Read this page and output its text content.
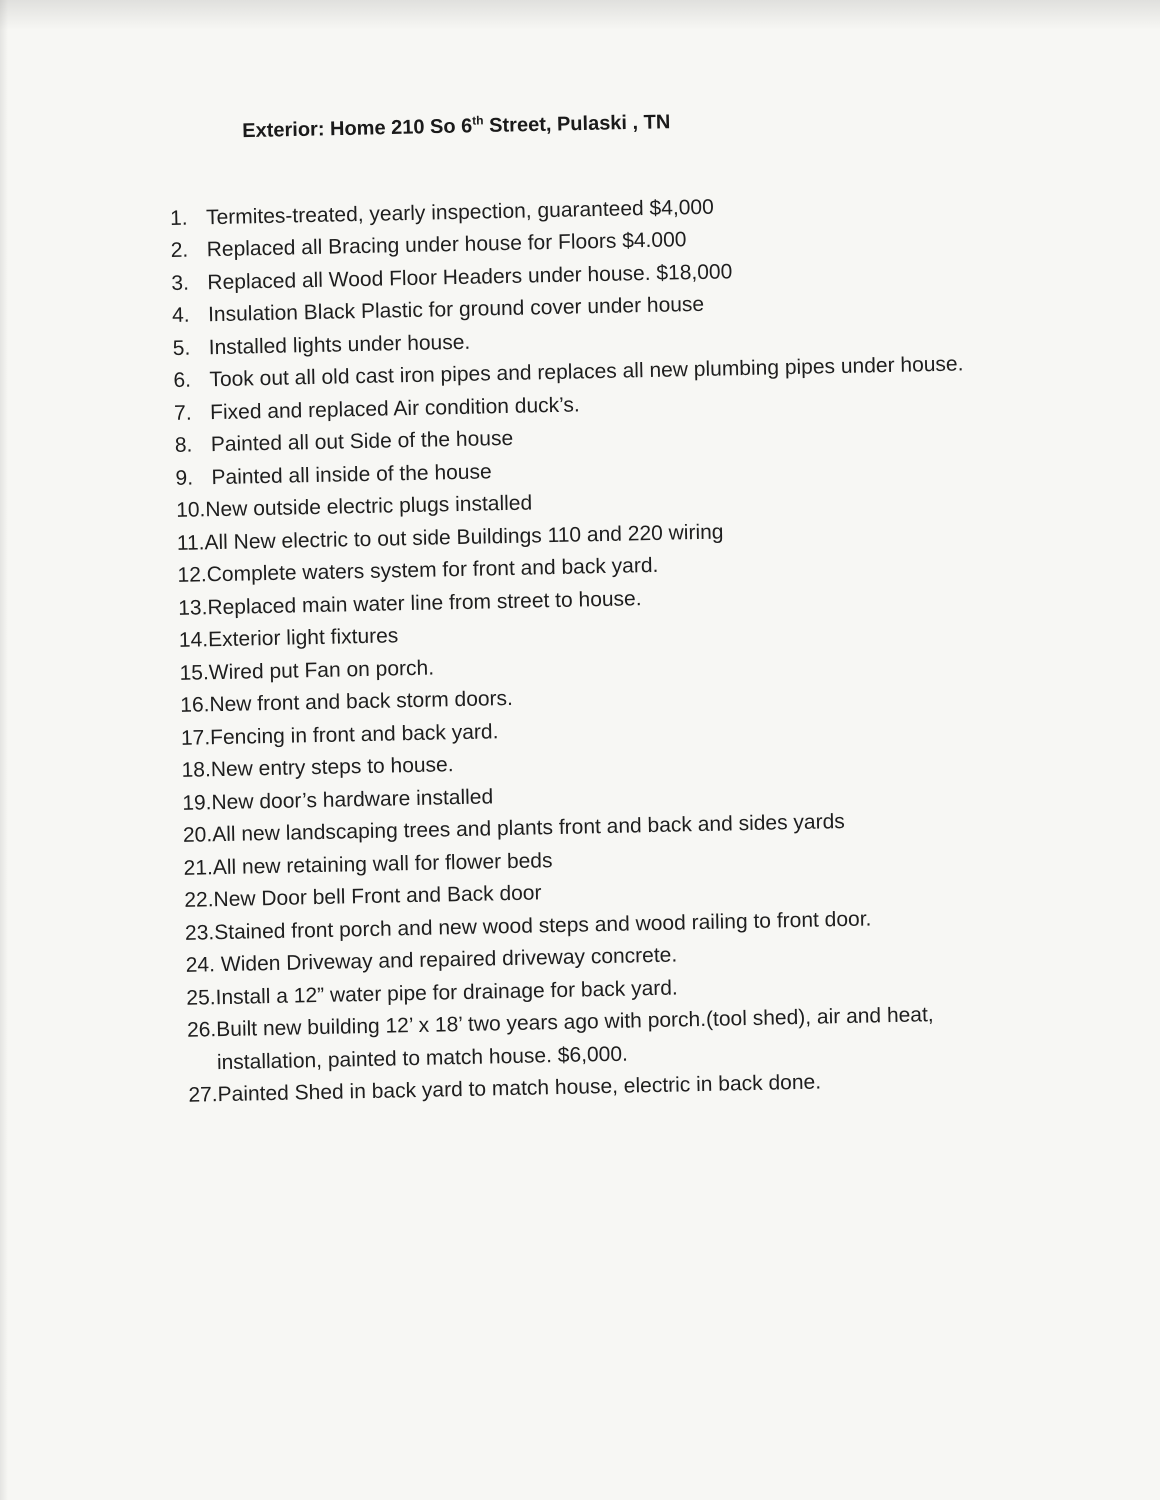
Exterior: Home 210 So 6th Street, Pulaski , TN
1. Termites-treated, yearly inspection, guaranteed $4,000
2. Replaced all Bracing under house for Floors $4.000
3. Replaced all Wood Floor Headers under house. $18,000
4. Insulation Black Plastic for ground cover under house
5. Installed lights under house.
6. Took out all old cast iron pipes and replaces all new plumbing pipes under house.
7. Fixed and replaced Air condition duck’s.
8. Painted all out Side of the house
9. Painted all inside of the house
10. New outside electric plugs installed
11. All New electric to out side Buildings 110 and 220 wiring
12. Complete waters system for front and back yard.
13. Replaced main water line from street to house.
14. Exterior light fixtures
15. Wired put Fan on porch.
16. New front and back storm doors.
17. Fencing in front and back yard.
18. New entry steps to house.
19. New door’s hardware installed
20. All new landscaping trees and plants front and back and sides yards
21. All new retaining wall for flower beds
22. New Door bell Front and Back door
23. Stained front porch and new wood steps and wood railing to front door.
24. Widen Driveway and repaired driveway concrete.
25. Install a 12” water pipe for drainage for back yard.
26. Built new building 12’ x 18’ two years ago with porch.(tool shed), air and heat, installation, painted to match house. $6,000.
27. Painted Shed in back yard to match house, electric in back done.
